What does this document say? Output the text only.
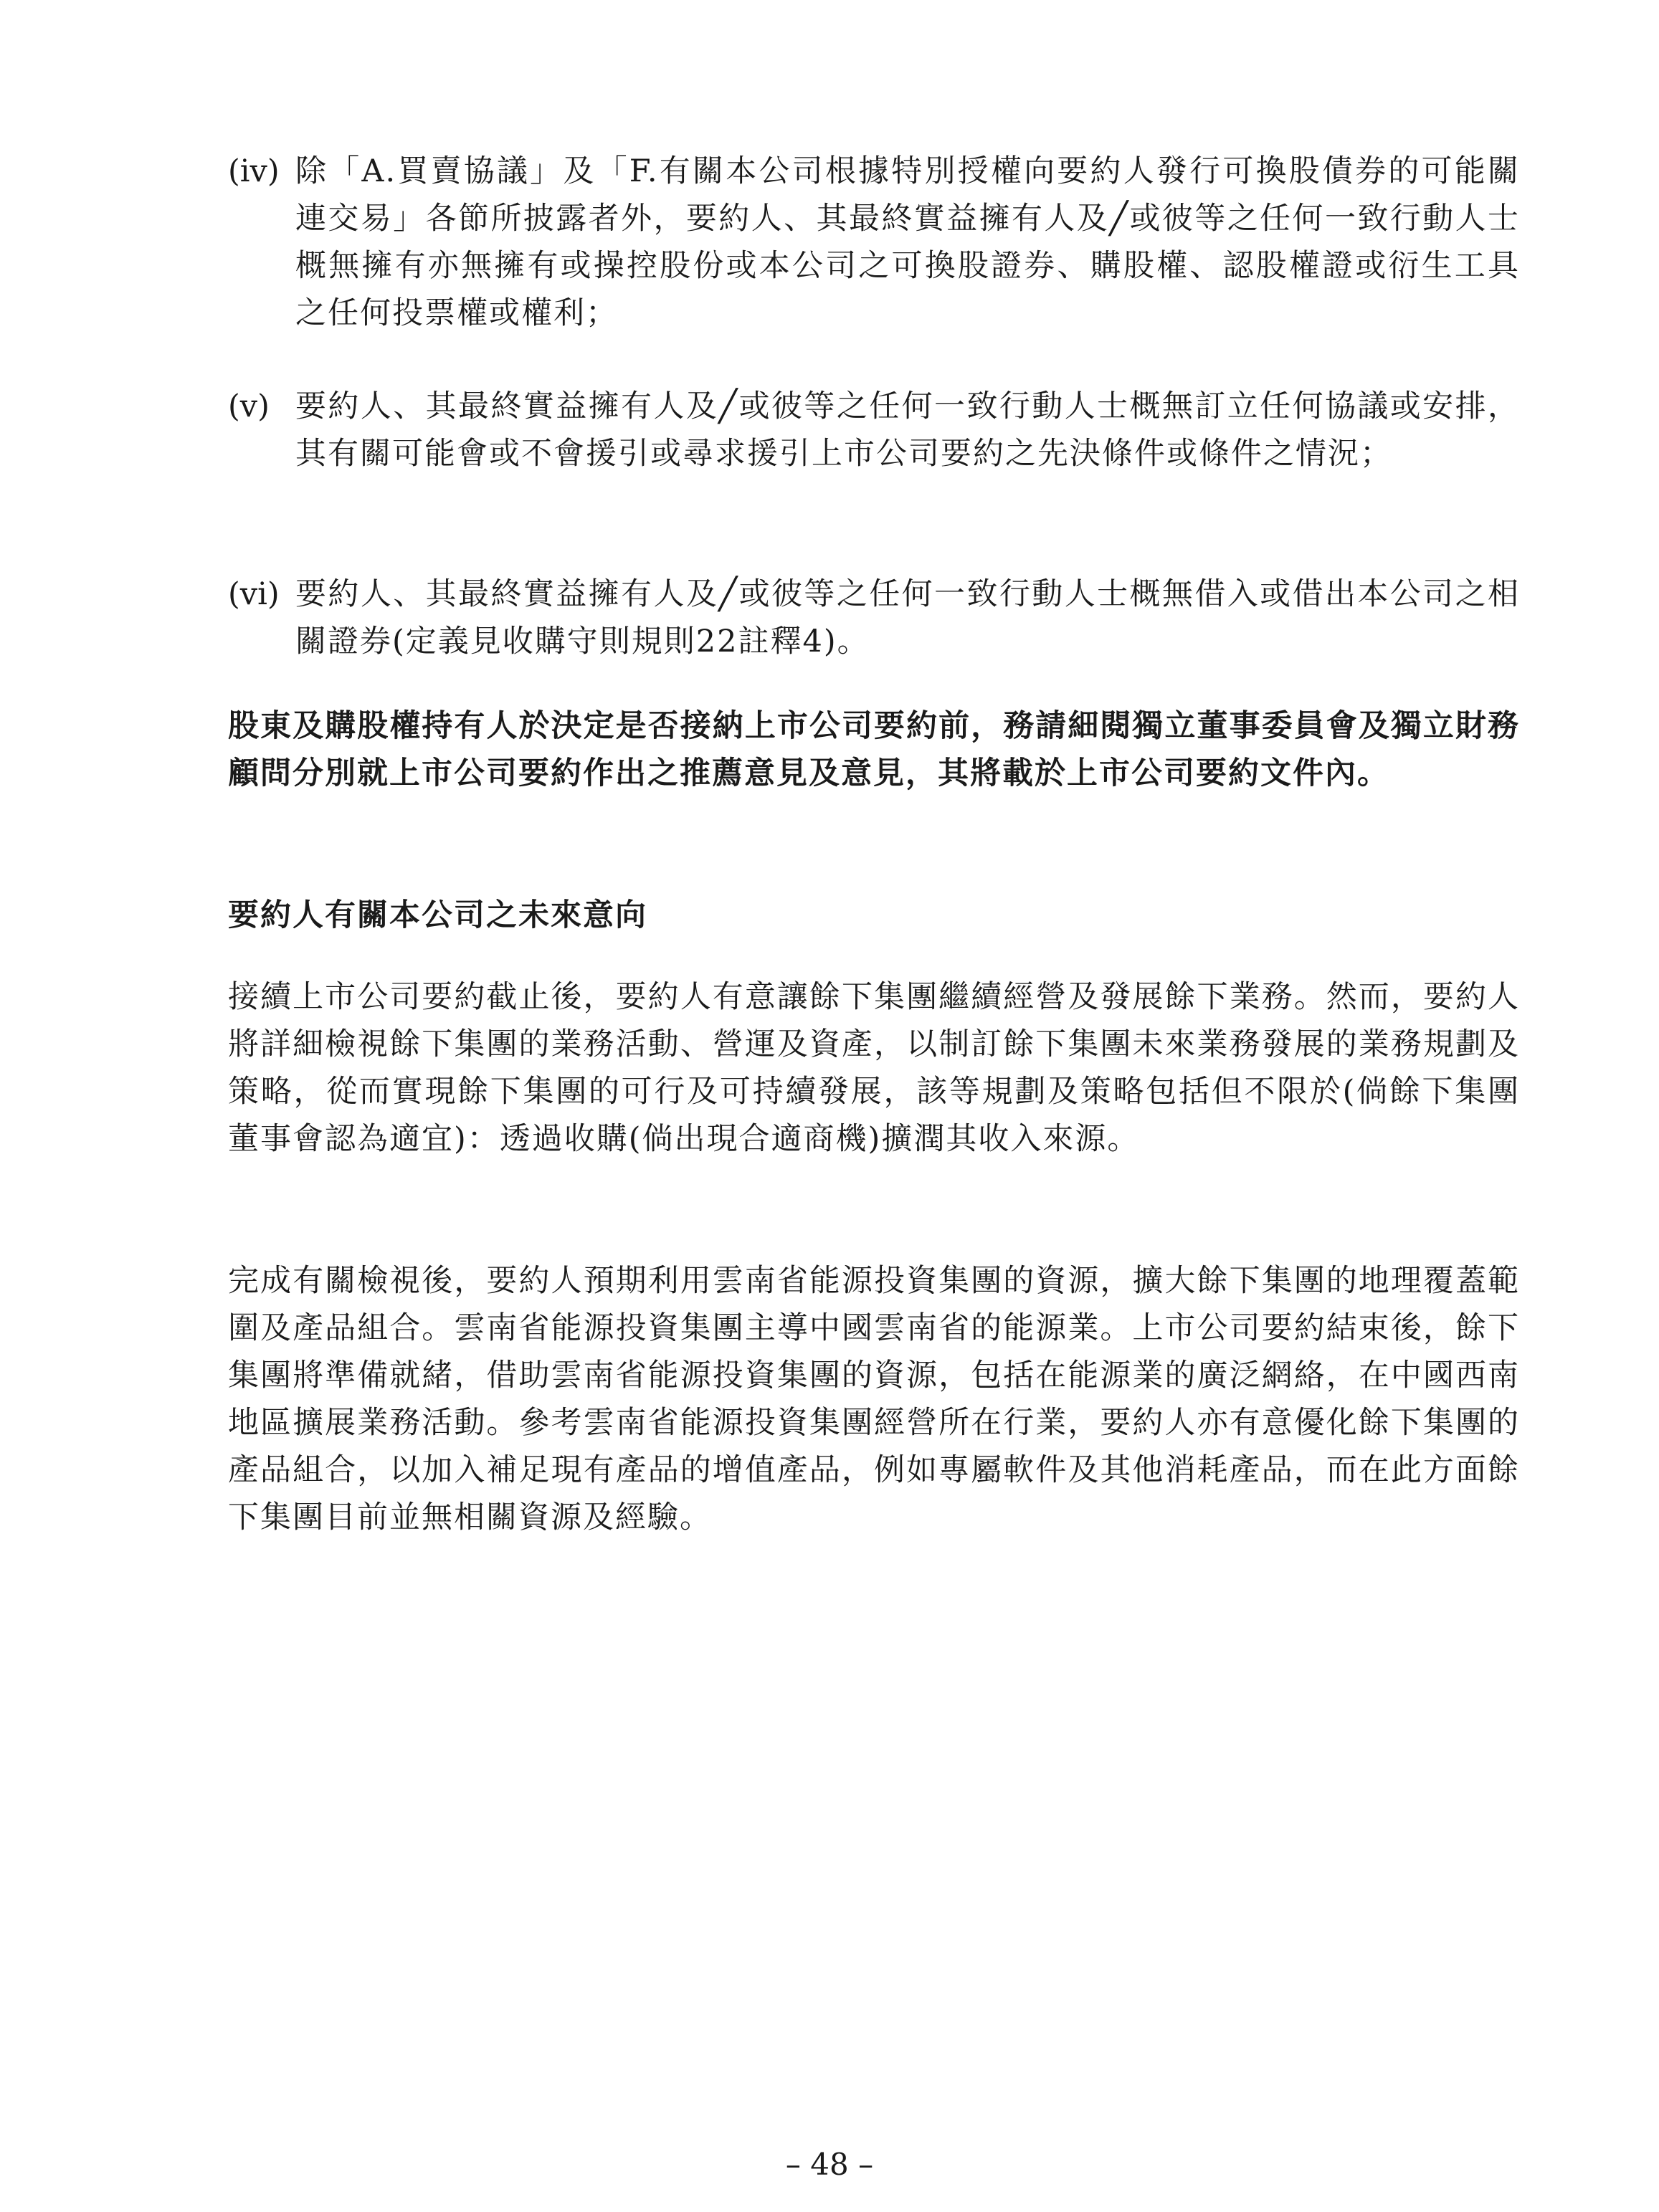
(iv) 除「A.買賣協議」及「F.有關本公司根據特別授權向要約人發行可換股債券的可能關連交易」各節所披露者外，要約人、其最終實益擁有人及╱或彼等之任何一致行動人士概無擁有亦無擁有或操控股份或本公司之可換股證券、購股權、認股權證或衍生工具之任何投票權或權利；
(v) 要約人、其最終實益擁有人及╱或彼等之任何一致行動人士概無訂立任何協議或安排，其有關可能會或不會援引或尋求援引上市公司要約之先決條件或條件之情況；
(vi) 要約人、其最終實益擁有人及╱或彼等之任何一致行動人士概無借入或借出本公司之相關證券(定義見收購守則規則22註釋4)。
股東及購股權持有人於決定是否接納上市公司要約前，務請細閱獨立董事委員會及獨立財務顧問分別就上市公司要約作出之推薦意見及意見，其將載於上市公司要約文件內。
要約人有關本公司之未來意向
接續上市公司要約截止後，要約人有意讓餘下集團繼續經營及發展餘下業務。然而，要約人將詳細檢視餘下集團的業務活動、營運及資產，以制訂餘下集團未來業務發展的業務規劃及策略，從而實現餘下集團的可行及可持續發展，該等規劃及策略包括但不限於(倘餘下集團董事會認為適宜)：透過收購(倘出現合適商機)擴潤其收入來源。
完成有關檢視後，要約人預期利用雲南省能源投資集團的資源，擴大餘下集團的地理覆蓋範圍及產品組合。雲南省能源投資集團主導中國雲南省的能源業。上市公司要約結束後，餘下集團將準備就緒，借助雲南省能源投資集團的資源，包括在能源業的廣泛網絡，在中國西南地區擴展業務活動。參考雲南省能源投資集團經營所在行業，要約人亦有意優化餘下集團的產品組合，以加入補足現有產品的增值產品，例如專屬軟件及其他消耗產品，而在此方面餘下集團目前並無相關資源及經驗。
– 48 –
